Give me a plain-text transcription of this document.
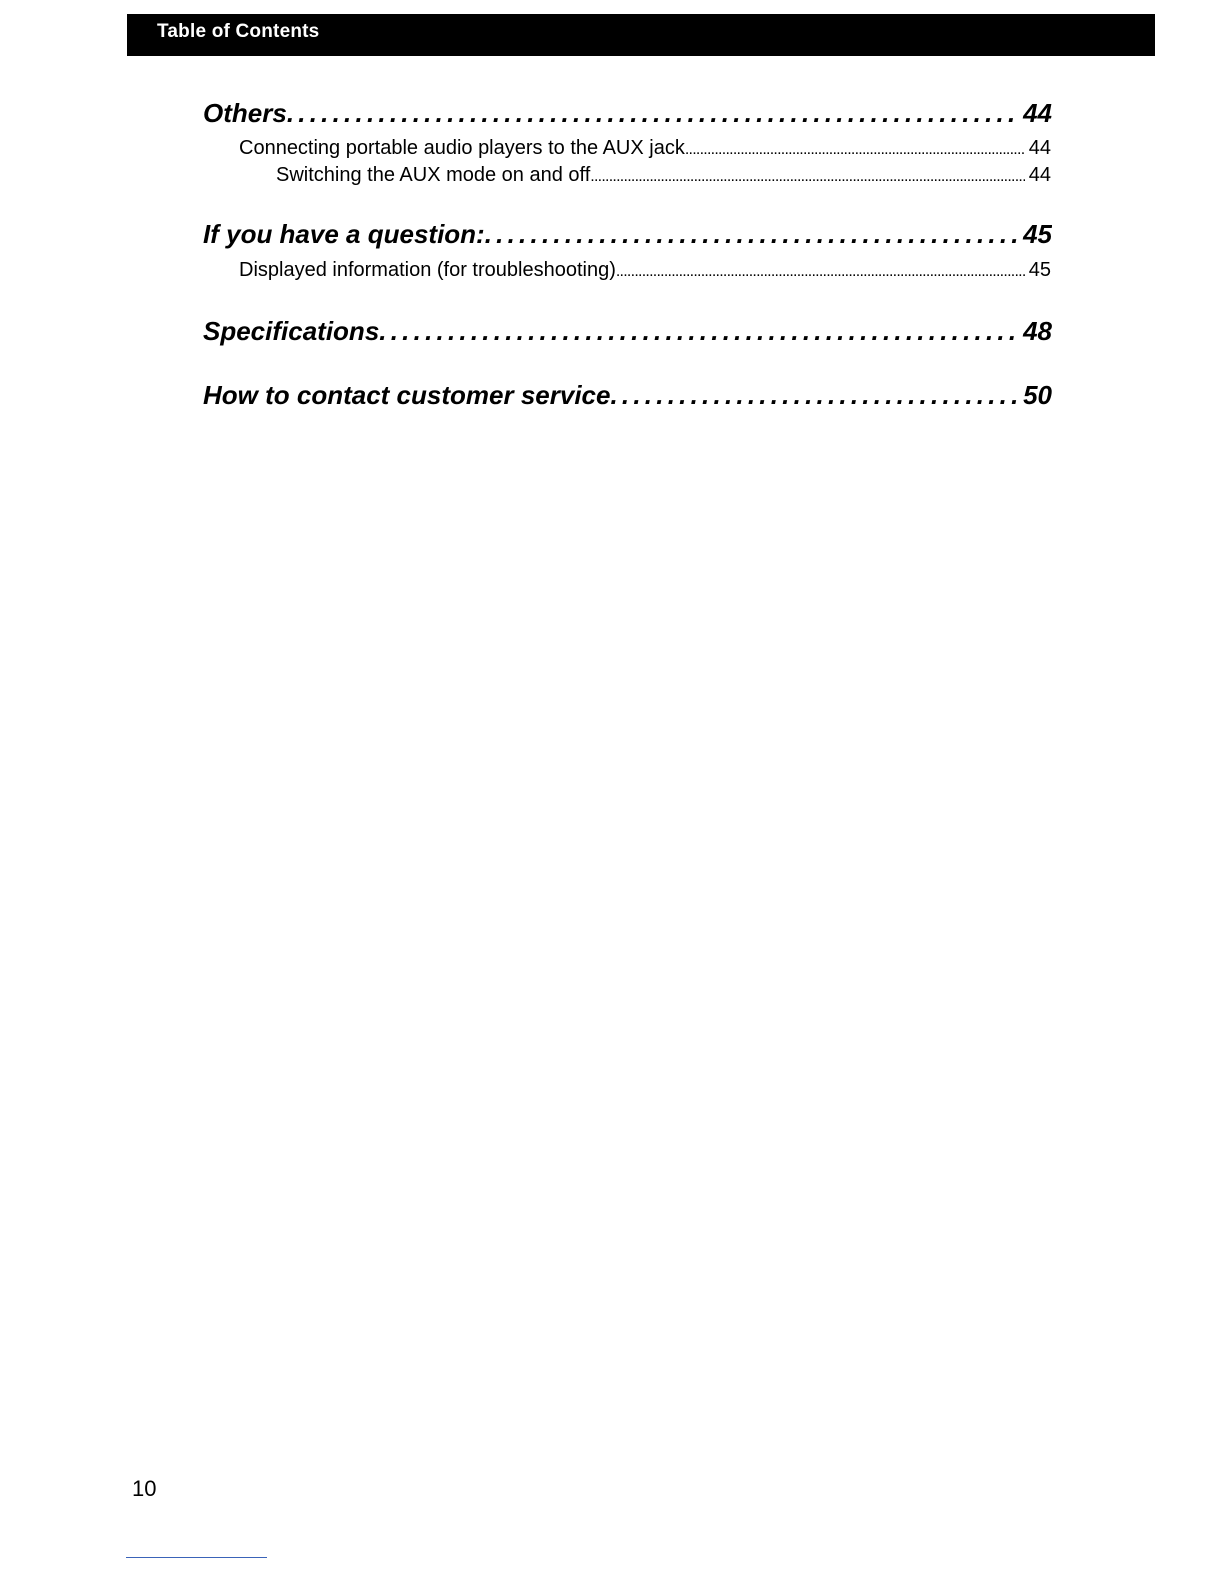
Table of Contents
Others . . .	44
Connecting portable audio players to the AUX jack . . .	44
Switching the AUX mode on and off . . .	44
If you have a question: . . .	45
Displayed information (for troubleshooting) . . .	45
Specifications . . .	48
How to contact customer service . . .	50
10
